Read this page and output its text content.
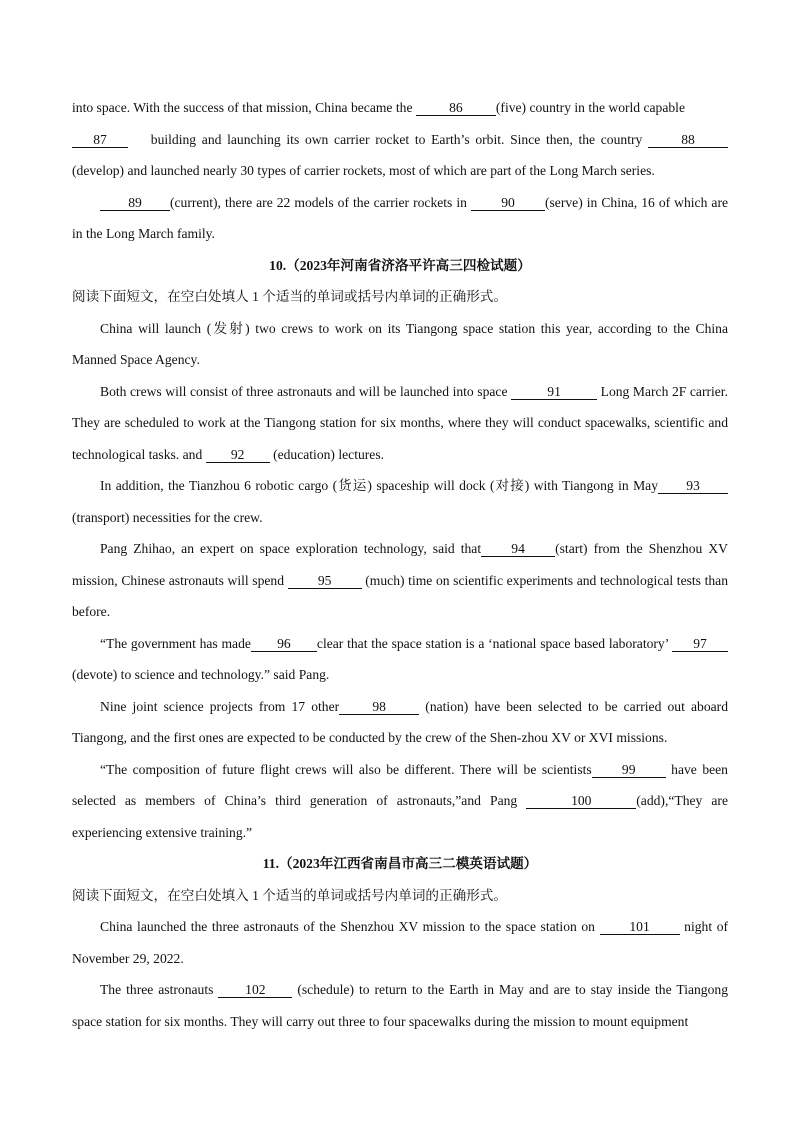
into space. With the success of that mission, China became the	86 (five) country in the world capable

87	building and launching its own carrier rocket to Earth’s orbit. Since then, the country	88 (develop) and launched nearly 30 types of carrier rockets, most of which are part of the Long March series.

89 (current), there are 22 models of the carrier rockets in	90 (serve) in China, 16 of which are in the Long March family.

10.（2023年河南省济洛平许高三四检试题）

阅读下面短文，在空白处填人 1 个适当的单词或括号内单词的正确形式。

China will launch (发射) two crews to work on its Tiangong space station this year, according to the China Manned Space Agency.

Both crews will consist of three astronauts and will be launched into space	91	Long March 2F carrier. They are scheduled to work at the Tiangong station for six months, where they will conduct spacewalks, scientific and technological tasks. and 92 (education) lectures.

In addition, the Tianzhou 6 robotic cargo (货运) spaceship will dock (对接) with Tiangong in May 93 (transport) necessities for the crew.

Pang Zhihao, an expert on space exploration technology, said that 94 (start) from the Shenzhou XV mission, Chinese astronauts will spend 95 (much) time on scientific experiments and technological tests than before.

“The government has made 96 clear that the space station is a ‘national space based laboratory’ 97 (devote) to science and technology.” said Pang.

Nine joint science projects from 17 other 98	(nation) have been selected to be carried out aboard Tiangong, and the first ones are expected to be conducted by the crew of the Shen-zhou XV or XVI missions.

“The composition of future flight crews will also be different. There will be scientists 99	have been selected as members of China’s third generation of astronauts,”and Pang	100	(add),“They are experiencing extensive training.”

11.（2023年江西省南昌市高三二模英语试题）

阅读下面短文，在空白处填入 1 个适当的单词或括号内单词的正确形式。

China launched the three astronauts of the Shenzhou XV mission to the space station on	101	night of November 29, 2022.

The three astronauts 102 (schedule) to return to the Earth in May and are to stay inside the Tiangong space station for six months. They will carry out three to four spacewalks during the mission to mount equipment
